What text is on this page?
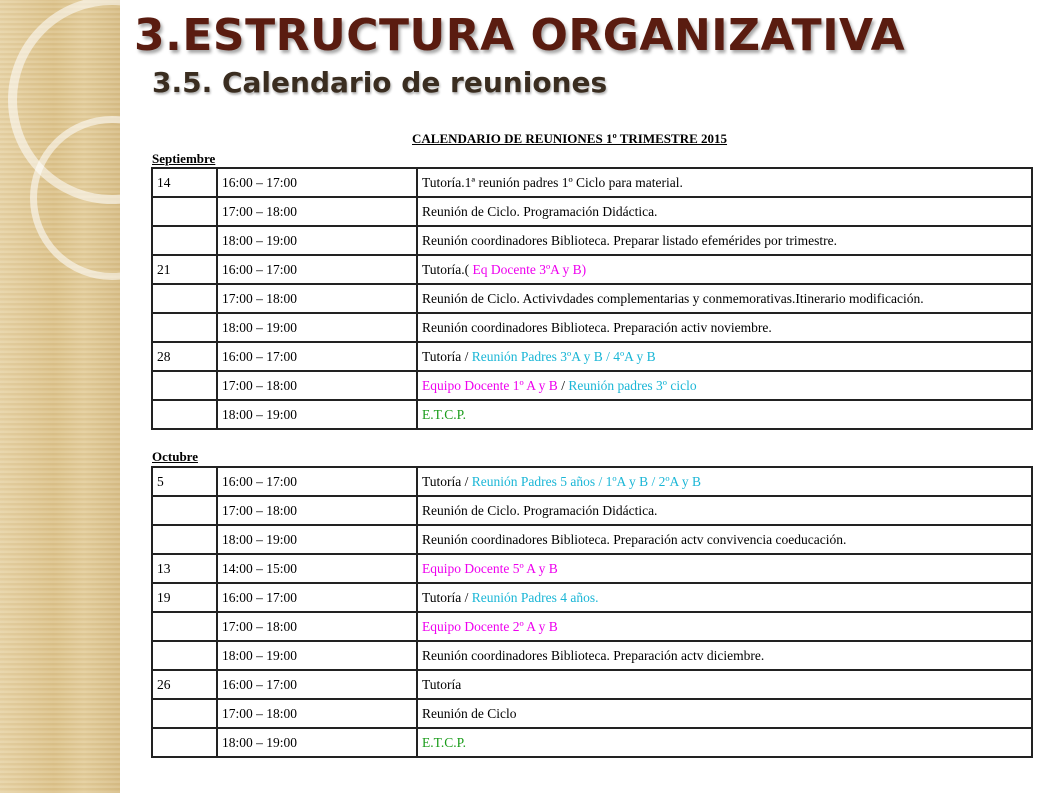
3.ESTRUCTURA ORGANIZATIVA
3.5. Calendario de reuniones
CALENDARIO DE REUNIONES 1º TRIMESTRE 2015
Septiembre
14	16:00 – 17:00	Tutoría.1ª reunión padres 1º Ciclo para material.
	17:00 – 18:00	Reunión de Ciclo. Programación Didáctica.
	18:00 – 19:00	Reunión coordinadores Biblioteca. Preparar listado efemérides por trimestre.
21	16:00 – 17:00	Tutoría.( Eq Docente 3ºA y B)
	17:00 – 18:00	Reunión de Ciclo. Activivdades complementarias y conmemorativas.Itinerario modificación.
	18:00 – 19:00	Reunión coordinadores Biblioteca. Preparación activ noviembre.
28	16:00 – 17:00	Tutoría / Reunión Padres 3ºA y B / 4ºA y B
	17:00 – 18:00	Equipo Docente 1º A y B / Reunión padres 3º ciclo
	18:00 – 19:00	E.T.C.P.
Octubre
5	16:00 – 17:00	Tutoría / Reunión Padres 5 años / 1ºA y B / 2ºA y B
	17:00 – 18:00	Reunión de Ciclo. Programación Didáctica.
	18:00 – 19:00	Reunión coordinadores Biblioteca. Preparación actv convivencia coeducación.
13	14:00 – 15:00	Equipo Docente 5º A y B
19	16:00 – 17:00	Tutoría / Reunión Padres 4 años.
	17:00 – 18:00	Equipo Docente 2º A y B
	18:00 – 19:00	Reunión coordinadores Biblioteca. Preparación actv diciembre.
26	16:00 – 17:00	Tutoría
	17:00 – 18:00	Reunión de Ciclo
	18:00 – 19:00	E.T.C.P.
